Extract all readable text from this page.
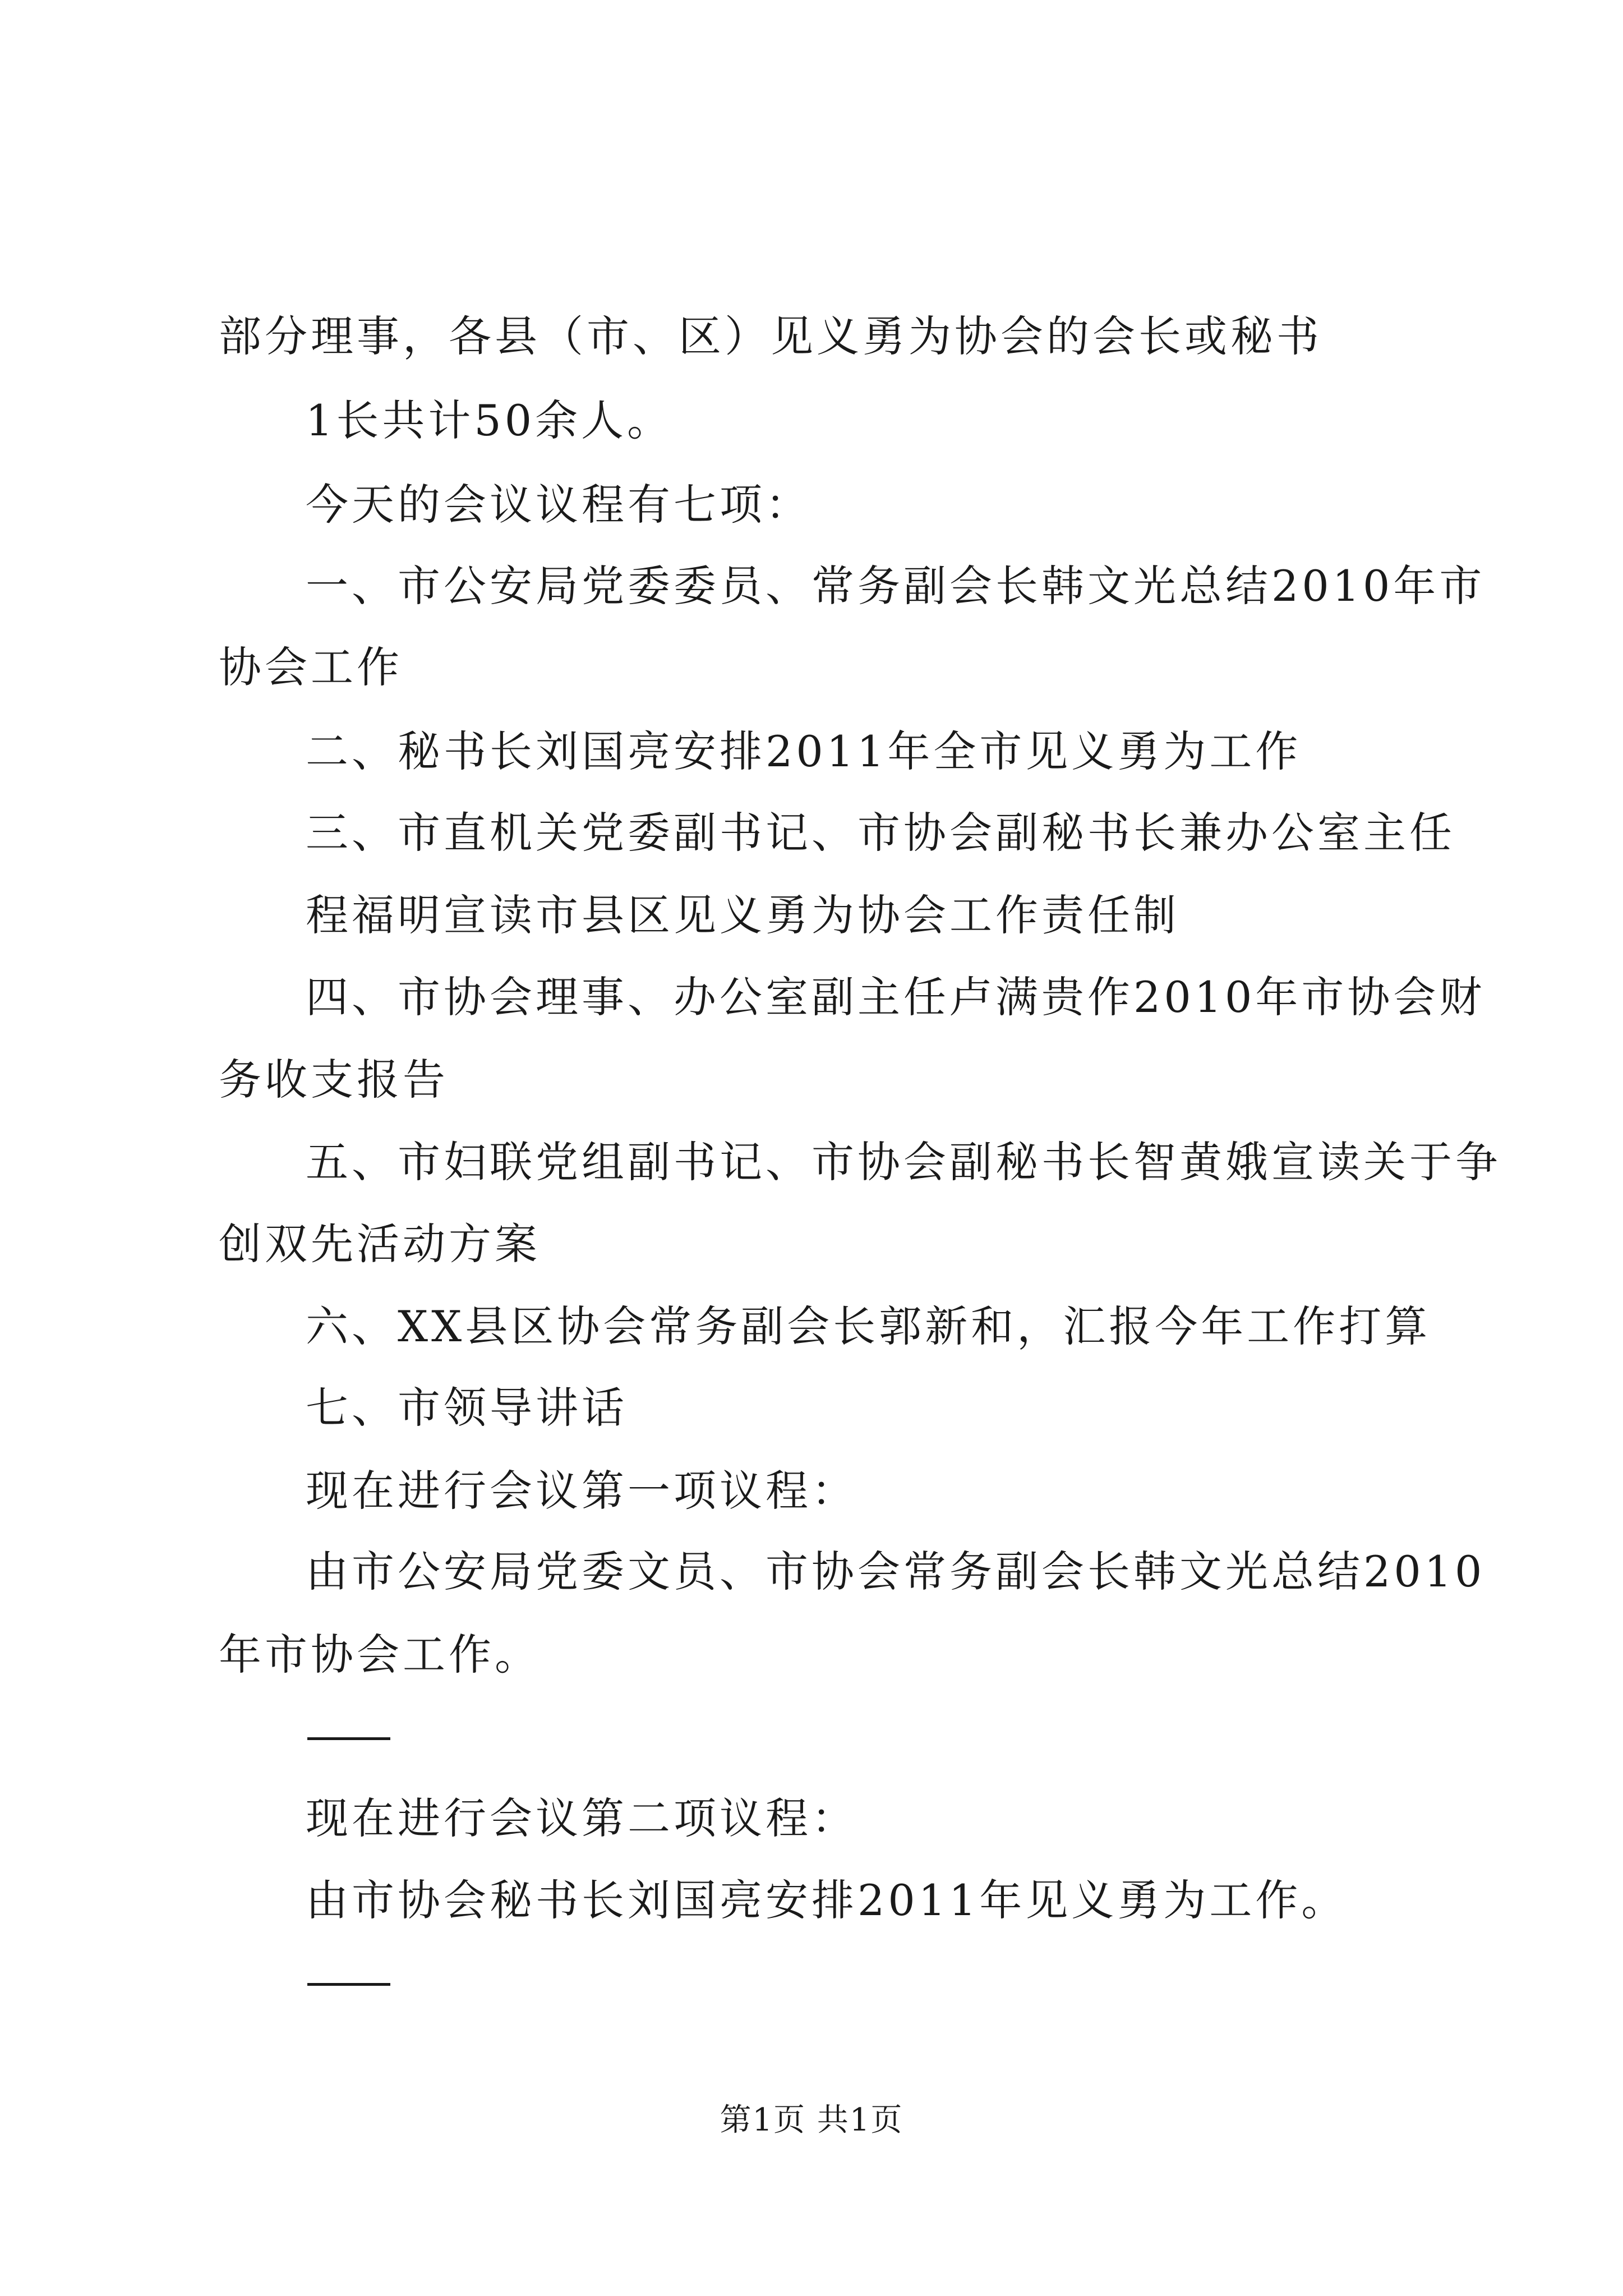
部分理事，各县（市、区）见义勇为协会的会长或秘书
1长共计50余人。
今天的会议议程有七项：
一、市公安局党委委员、常务副会长韩文光总结2010年市
协会工作
二、秘书长刘国亮安排2011年全市见义勇为工作
三、市直机关党委副书记、市协会副秘书长兼办公室主任
程福明宣读市县区见义勇为协会工作责任制
四、市协会理事、办公室副主任卢满贵作2010年市协会财
务收支报告
五、市妇联党组副书记、市协会副秘书长智黄娥宣读关于争
创双先活动方案
六、XX县区协会常务副会长郭新和，汇报今年工作打算
七、市领导讲话
现在进行会议第一项议程：
由市公安局党委文员、市协会常务副会长韩文光总结2010
年市协会工作。
现在进行会议第二项议程：
由市协会秘书长刘国亮安排2011年见义勇为工作。
第1页 共1页
